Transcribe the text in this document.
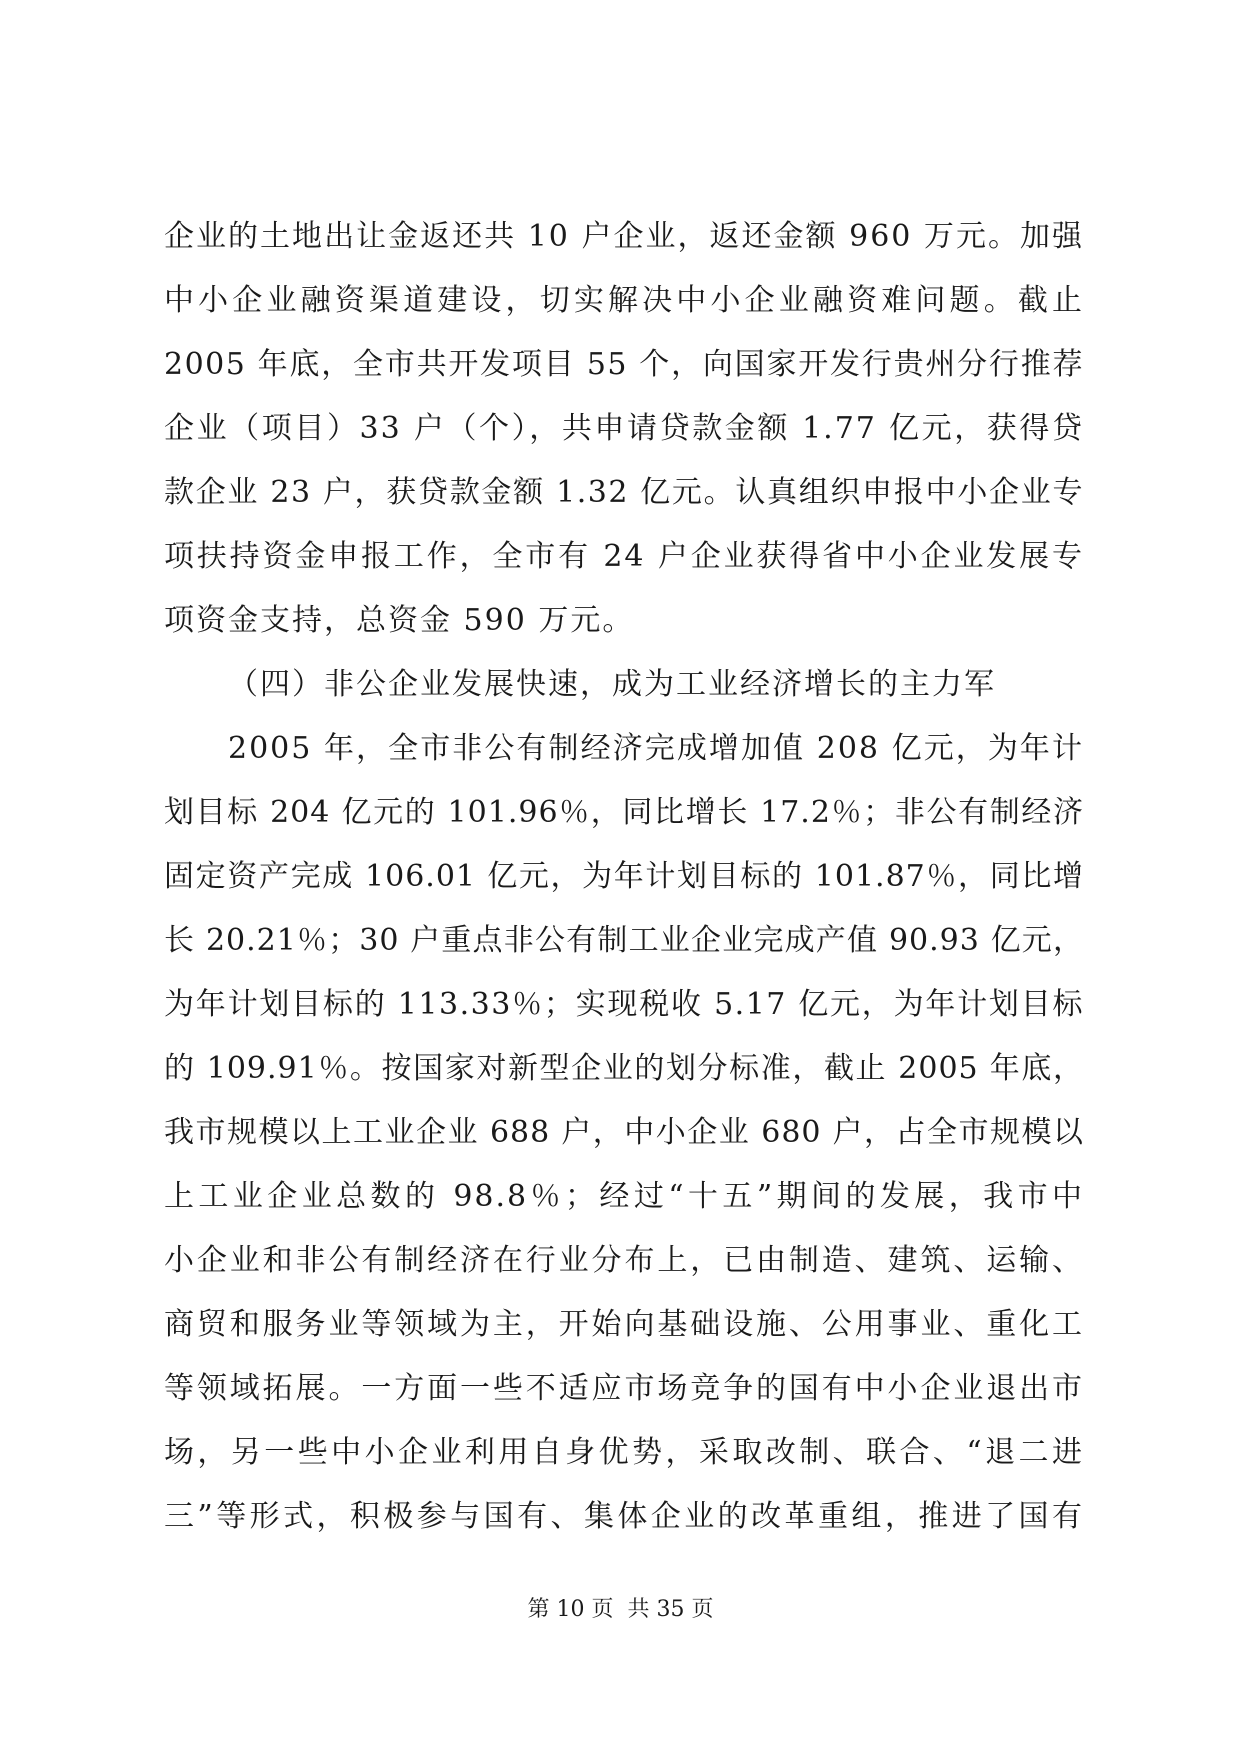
企业的土地出让金返还共 10 户企业，返还金额 960 万元。加强
中小企业融资渠道建设，切实解决中小企业融资难问题。截止
2005 年底，全市共开发项目 55 个，向国家开发行贵州分行推荐
企业（项目）33 户（个），共申请贷款金额 1.77 亿元，获得贷
款企业 23 户，获贷款金额 1.32 亿元。认真组织申报中小企业专
项扶持资金申报工作，全市有 24 户企业获得省中小企业发展专
项资金支持，总资金 590 万元。
（四）非公企业发展快速，成为工业经济增长的主力军
2005 年，全市非公有制经济完成增加值 208 亿元，为年计
划目标 204 亿元的 101.96％，同比增长 17.2％；非公有制经济
固定资产完成 106.01 亿元，为年计划目标的 101.87％，同比增
长 20.21％；30 户重点非公有制工业企业完成产值 90.93 亿元，
为年计划目标的 113.33％；实现税收 5.17 亿元，为年计划目标
的 109.91％。按国家对新型企业的划分标准，截止 2005 年底，
我市规模以上工业企业 688 户，中小企业 680 户，占全市规模以
上工业企业总数的 98.8％；经过“十五”期间的发展，我市中
小企业和非公有制经济在行业分布上，已由制造、建筑、运输、
商贸和服务业等领域为主，开始向基础设施、公用事业、重化工
等领域拓展。一方面一些不适应市场竞争的国有中小企业退出市
场，另一些中小企业利用自身优势，采取改制、联合、“退二进
三”等形式，积极参与国有、集体企业的改革重组，推进了国有
第 10 页  共 35 页
